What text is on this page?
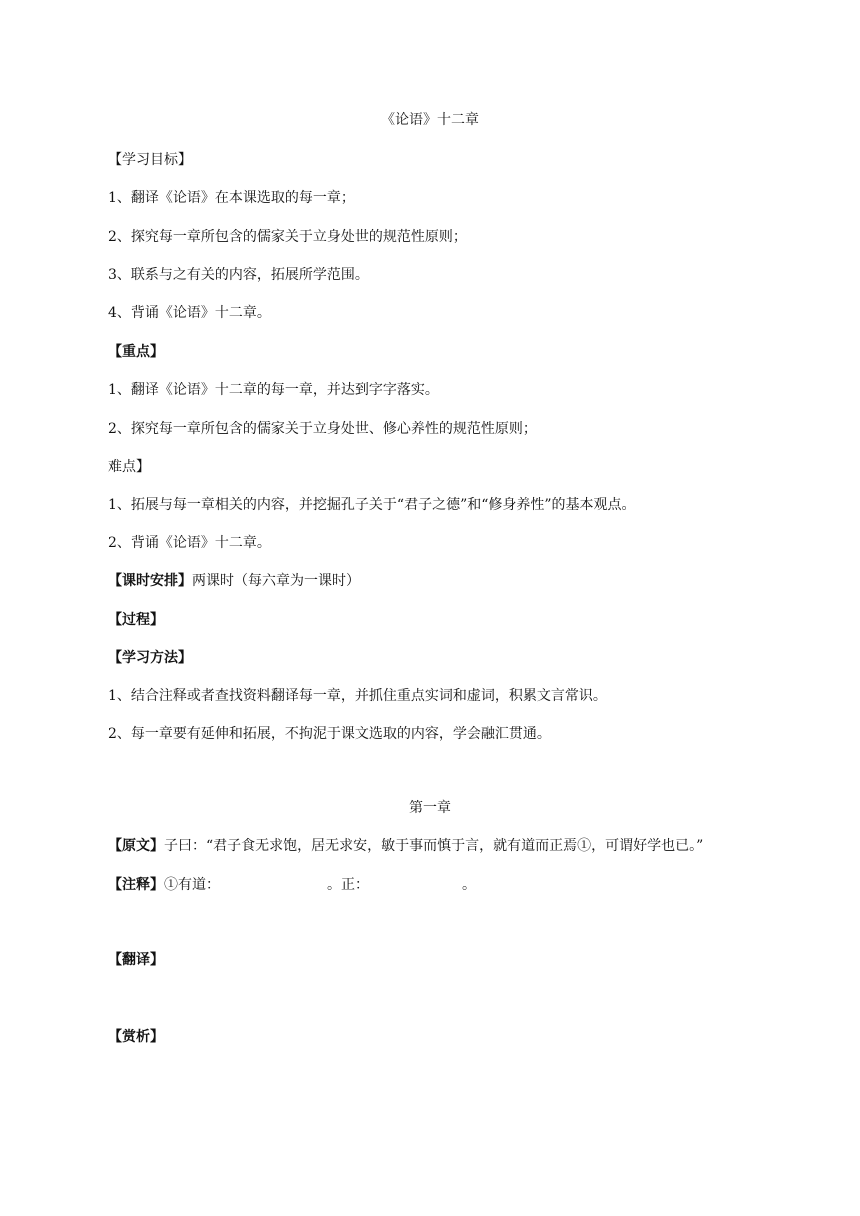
《论语》十二章
【学习目标】
1、翻译《论语》在本课选取的每一章；
2、探究每一章所包含的儒家关于立身处世的规范性原则；
3、联系与之有关的内容，拓展所学范围。
4、背诵《论语》十二章。
【重点】
1、翻译《论语》十二章的每一章，并达到字字落实。
2、探究每一章所包含的儒家关于立身处世、修心养性的规范性原则；
难点】
1、拓展与每一章相关的内容，并挖掘孔子关于“君子之德”和“修身养性”的基本观点。
2、背诵《论语》十二章。
【课时安排】两课时（每六章为一课时）
【过程】
【学习方法】
1、结合注释或者查找资料翻译每一章，并抓住重点实词和虚词，积累文言常识。
2、每一章要有延伸和拓展，不拘泥于课文选取的内容，学会融汇贯通。
第一章
【原文】子曰：“君子食无求饱，居无求安，敏于事而慎于言，就有道而正焉①，可谓好学也已。”
【注释】①有道：	。正：	。
【翻译】
【赏析】
